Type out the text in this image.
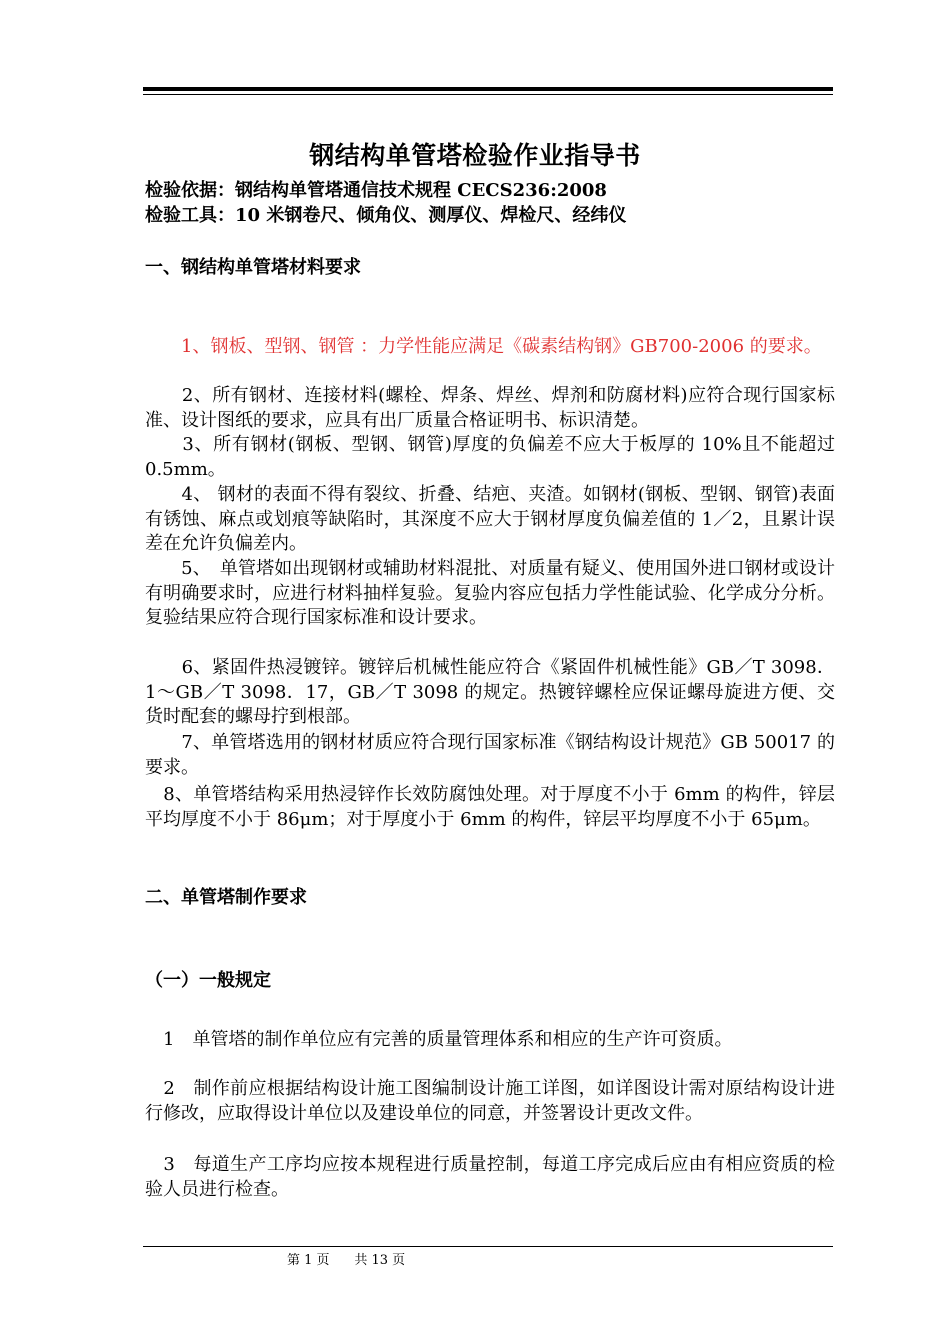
钢结构单管塔检验作业指导书
检验依据：钢结构单管塔通信技术规程 CECS236:2008
检验工具：10 米钢卷尺、倾角仪、测厚仪、焊检尺、经纬仪
一、钢结构单管塔材料要求
　　1、钢板、型钢、钢管 ：力学性能应满足《碳素结构钢》GB700-2006 的要求。
　　2、所有钢材、连接材料(螺栓、焊条、焊丝、焊剂和防腐材料)应符合现行国家标准、设计图纸的要求，应具有出厂质量合格证明书、标识清楚。
　　3、所有钢材(钢板、型钢、钢管)厚度的负偏差不应大于板厚的 10%且不能超过 0.5mm。
　　4、 钢材的表面不得有裂纹、折叠、结疤、夹渣。如钢材(钢板、型钢、钢管)表面有锈蚀、麻点或划痕等缺陷时，其深度不应大于钢材厚度负偏差值的 1／2，且累计误差在允许负偏差内。
　　5、　单管塔如出现钢材或辅助材料混批、对质量有疑义、使用国外进口钢材或设计有明确要求时，应进行材料抽样复验。复验内容应包括力学性能试验、化学成分分析。复验结果应符合现行国家标准和设计要求。
　　6、紧固件热浸镀锌。镀锌后机械性能应符合《紧固件机械性能》GB／T 3098．1～GB／T 3098．17，GB／T 3098 的规定。热镀锌螺栓应保证螺母旋进方便、交货时配套的螺母拧到根部。
　　7、单管塔选用的钢材材质应符合现行国家标准《钢结构设计规范》GB 50017 的要求。
　8、单管塔结构采用热浸锌作长效防腐蚀处理。对于厚度不小于 6mm 的构件，锌层平均厚度不小于 86μm；对于厚度小于 6mm 的构件，锌层平均厚度不小于 65μm。
二、单管塔制作要求
（一）一般规定
　1　单管塔的制作单位应有完善的质量管理体系和相应的生产许可资质。
　2　制作前应根据结构设计施工图编制设计施工详图，如详图设计需对原结构设计进行修改，应取得设计单位以及建设单位的同意，并签署设计更改文件。
　3　每道生产工序均应按本规程进行质量控制，每道工序完成后应由有相应资质的检验人员进行检查。
第 1 页 共 13 页
